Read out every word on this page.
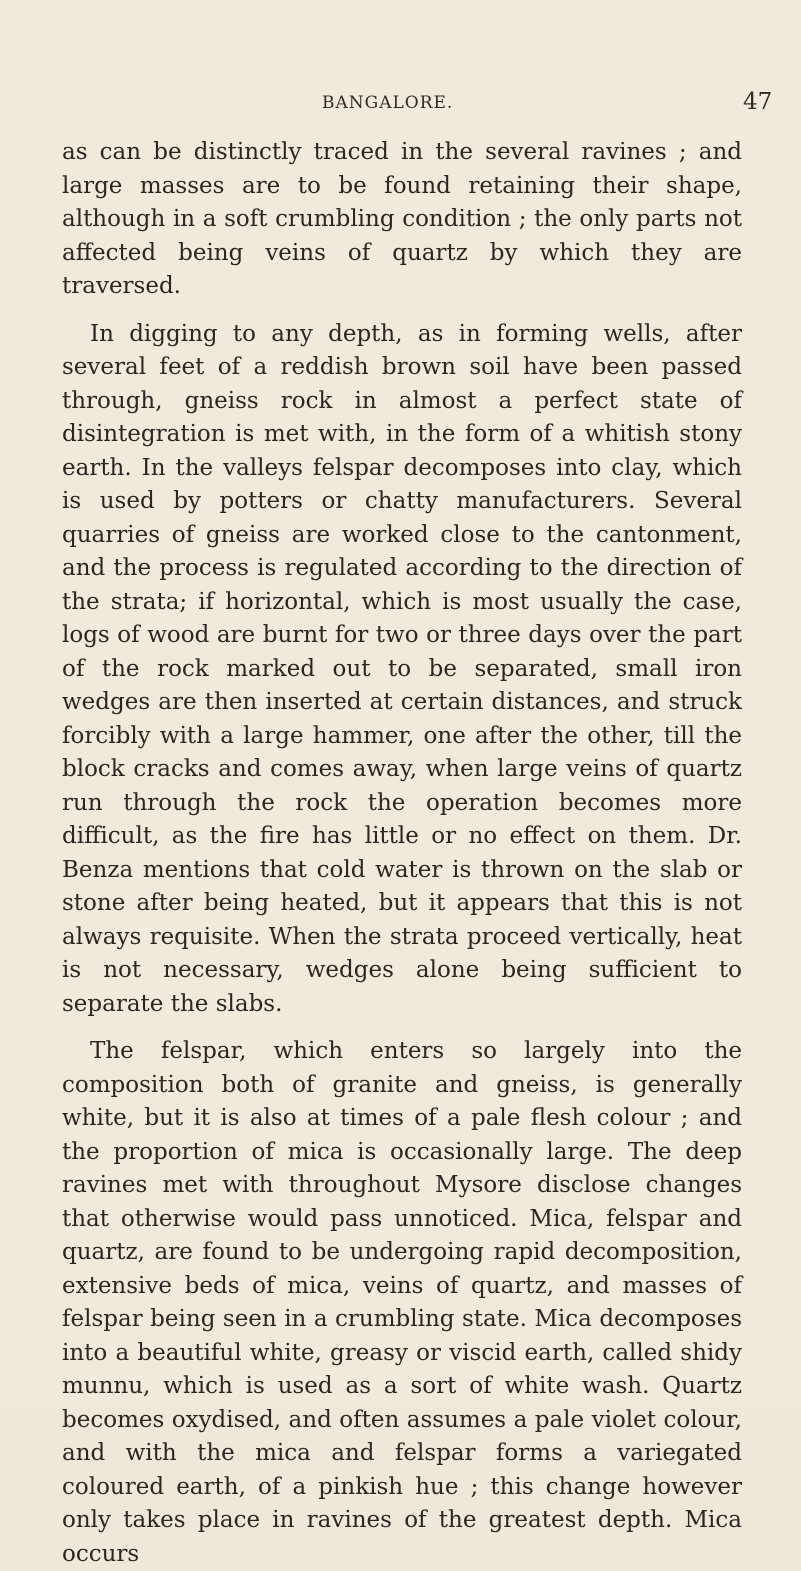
BANGALORE.	47

as can be distinctly traced in the several ravines ; and large masses are to be found retaining their shape, although in a soft crumbling condition ; the only parts not affected being veins of quartz by which they are traversed.

In digging to any depth, as in forming wells, after several feet of a reddish brown soil have been passed through, gneiss rock in almost a perfect state of disintegration is met with, in the form of a whitish stony earth. In the valleys felspar decomposes into clay, which is used by potters or chatty manufacturers. Several quarries of gneiss are worked close to the cantonment, and the process is regulated according to the direction of the strata; if horizontal, which is most usually the case, logs of wood are burnt for two or three days over the part of the rock marked out to be separated, small iron wedges are then inserted at certain distances, and struck forcibly with a large hammer, one after the other, till the block cracks and comes away, when large veins of quartz run through the rock the operation becomes more difficult, as the fire has little or no effect on them. Dr. Benza mentions that cold water is thrown on the slab or stone after being heated, but it appears that this is not always requisite. When the strata proceed vertically, heat is not necessary, wedges alone being sufficient to separate the slabs.

The felspar, which enters so largely into the composition both of granite and gneiss, is generally white, but it is also at times of a pale flesh colour ; and the proportion of mica is occasionally large. The deep ravines met with throughout Mysore disclose changes that otherwise would pass unnoticed. Mica, felspar and quartz, are found to be undergoing rapid decomposition, extensive beds of mica, veins of quartz, and masses of felspar being seen in a crumbling state. Mica decomposes into a beautiful white, greasy or viscid earth, called shidy munnu, which is used as a sort of white wash. Quartz becomes oxydised, and often assumes a pale violet colour, and with the mica and felspar forms a variegated coloured earth, of a pinkish hue ; this change however only takes place in ravines of the greatest depth. Mica occurs
